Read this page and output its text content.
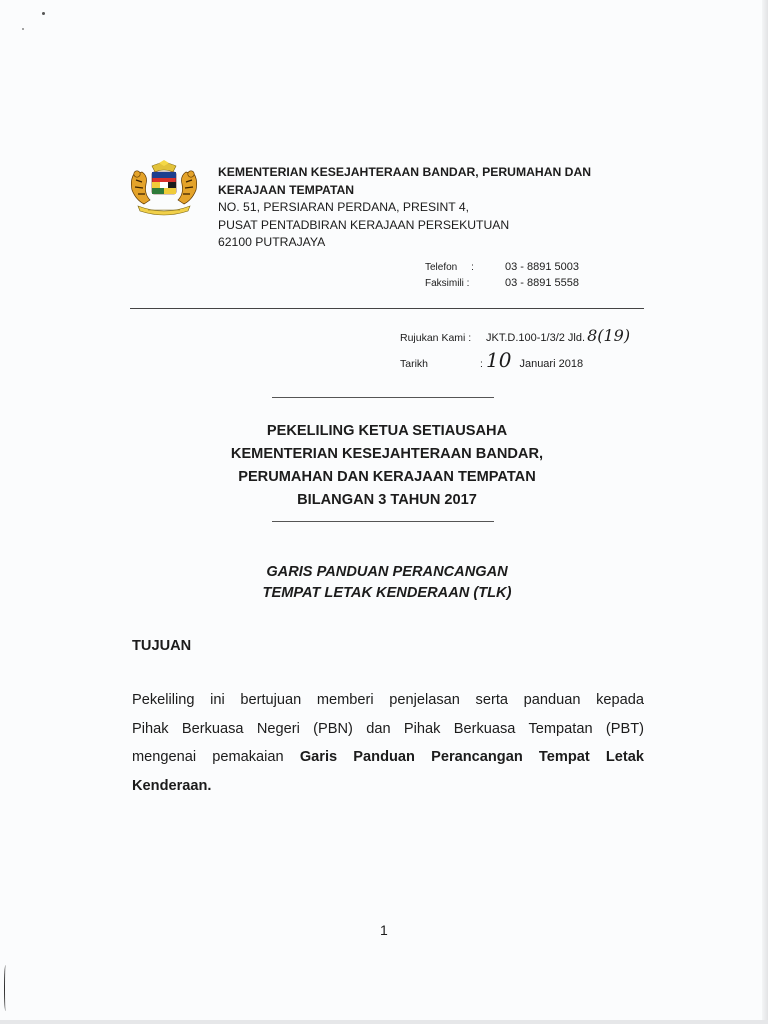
KEMENTERIAN KESEJAHTERAAN BANDAR, PERUMAHAN DAN
KERAJAAN TEMPATAN
NO. 51, PERSIARAN PERDANA, PRESINT 4,
PUSAT PENTADBIRAN KERAJAAN PERSEKUTUAN
62100 PUTRAJAYA
Telefon :	03 - 8891 5003
Faksimili :	03 - 8891 5558
Rujukan Kami :	JKT.D.100-1/3/2 Jld. 8(19)
Tarikh	: 10 Januari 2018
PEKELILING KETUA SETIAUSAHA
KEMENTERIAN KESEJAHTERAAN BANDAR,
PERUMAHAN DAN KERAJAAN TEMPATAN
BILANGAN 3 TAHUN 2017
GARIS PANDUAN PERANCANGAN
TEMPAT LETAK KENDERAAN (TLK)
TUJUAN
Pekeliling ini bertujuan memberi penjelasan serta panduan kepada
Pihak Berkuasa Negeri (PBN) dan Pihak Berkuasa Tempatan (PBT)
mengenai pemakaian Garis Panduan Perancangan Tempat Letak
Kenderaan.
1
